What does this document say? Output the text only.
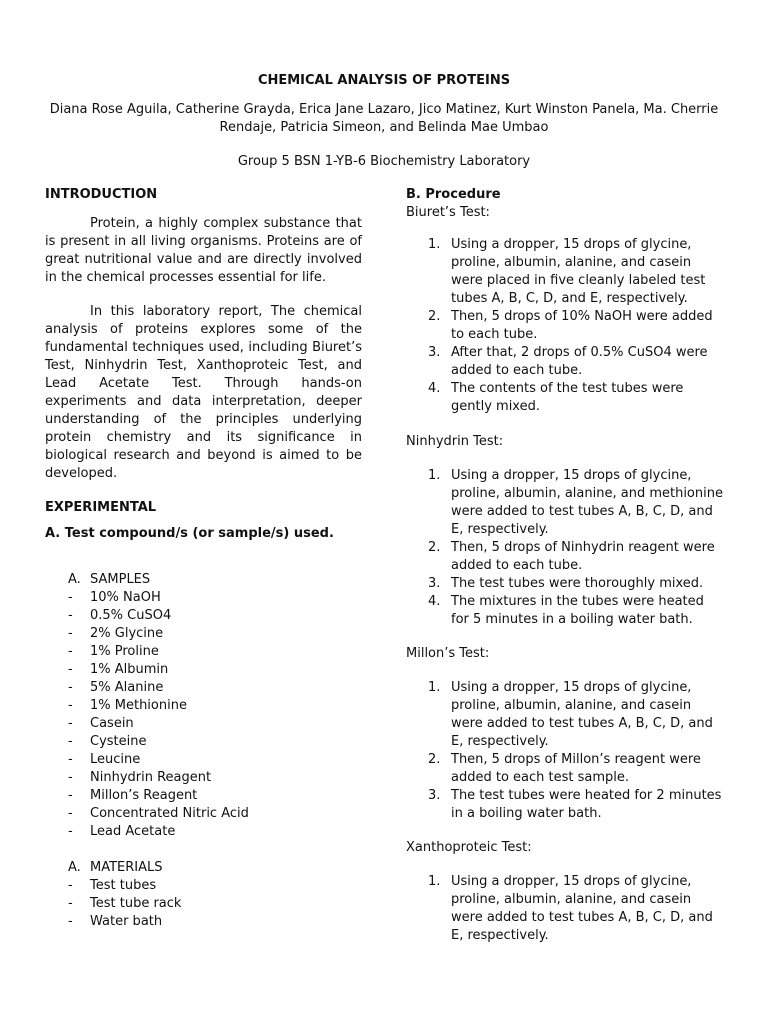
CHEMICAL ANALYSIS OF PROTEINS
Diana Rose Aguila, Catherine Grayda, Erica Jane Lazaro, Jico Matinez, Kurt Winston Panela, Ma. Cherrie Rendaje, Patricia Simeon, and Belinda Mae Umbao
Group 5 BSN 1-YB-6 Biochemistry Laboratory

INTRODUCTION

Protein, a highly complex substance that is present in all living organisms. Proteins are of great nutritional value and are directly involved in the chemical processes essential for life.

In this laboratory report, The chemical analysis of proteins explores some of the fundamental techniques used, including Biuret’s Test, Ninhydrin Test, Xanthoproteic Test, and Lead Acetate Test. Through hands-on experiments and data interpretation, deeper understanding of the principles underlying protein chemistry and its significance in biological research and beyond is aimed to be developed.

EXPERIMENTAL

A. Test compound/s (or sample/s) used.

A. SAMPLES
- 10% NaOH
- 0.5% CuSO4
- 2% Glycine
- 1% Proline
- 1% Albumin
- 5% Alanine
- 1% Methionine
- Casein
- Cysteine
- Leucine
- Ninhydrin Reagent
- Millon’s Reagent
- Concentrated Nitric Acid
- Lead Acetate
A. MATERIALS
- Test tubes
- Test tube rack
- Water bath

B. Procedure

Biuret’s Test:
1. Using a dropper, 15 drops of glycine, proline, albumin, alanine, and casein were placed in five cleanly labeled test tubes A, B, C, D, and E, respectively.
2. Then, 5 drops of 10% NaOH were added to each tube.
3. After that, 2 drops of 0.5% CuSO4 were added to each tube.
4. The contents of the test tubes were gently mixed.
Ninhydrin Test:
1. Using a dropper, 15 drops of glycine, proline, albumin, alanine, and methionine were added to test tubes A, B, C, D, and E, respectively.
2. Then, 5 drops of Ninhydrin reagent were added to each tube.
3. The test tubes were thoroughly mixed.
4. The mixtures in the tubes were heated for 5 minutes in a boiling water bath.
Millon’s Test:
1. Using a dropper, 15 drops of glycine, proline, albumin, alanine, and casein were added to test tubes A, B, C, D, and E, respectively.
2. Then, 5 drops of Millon’s reagent were added to each test sample.
3. The test tubes were heated for 2 minutes in a boiling water bath.
Xanthoproteic Test:
1. Using a dropper, 15 drops of glycine, proline, albumin, alanine, and casein were added to test tubes A, B, C, D, and E, respectively.
